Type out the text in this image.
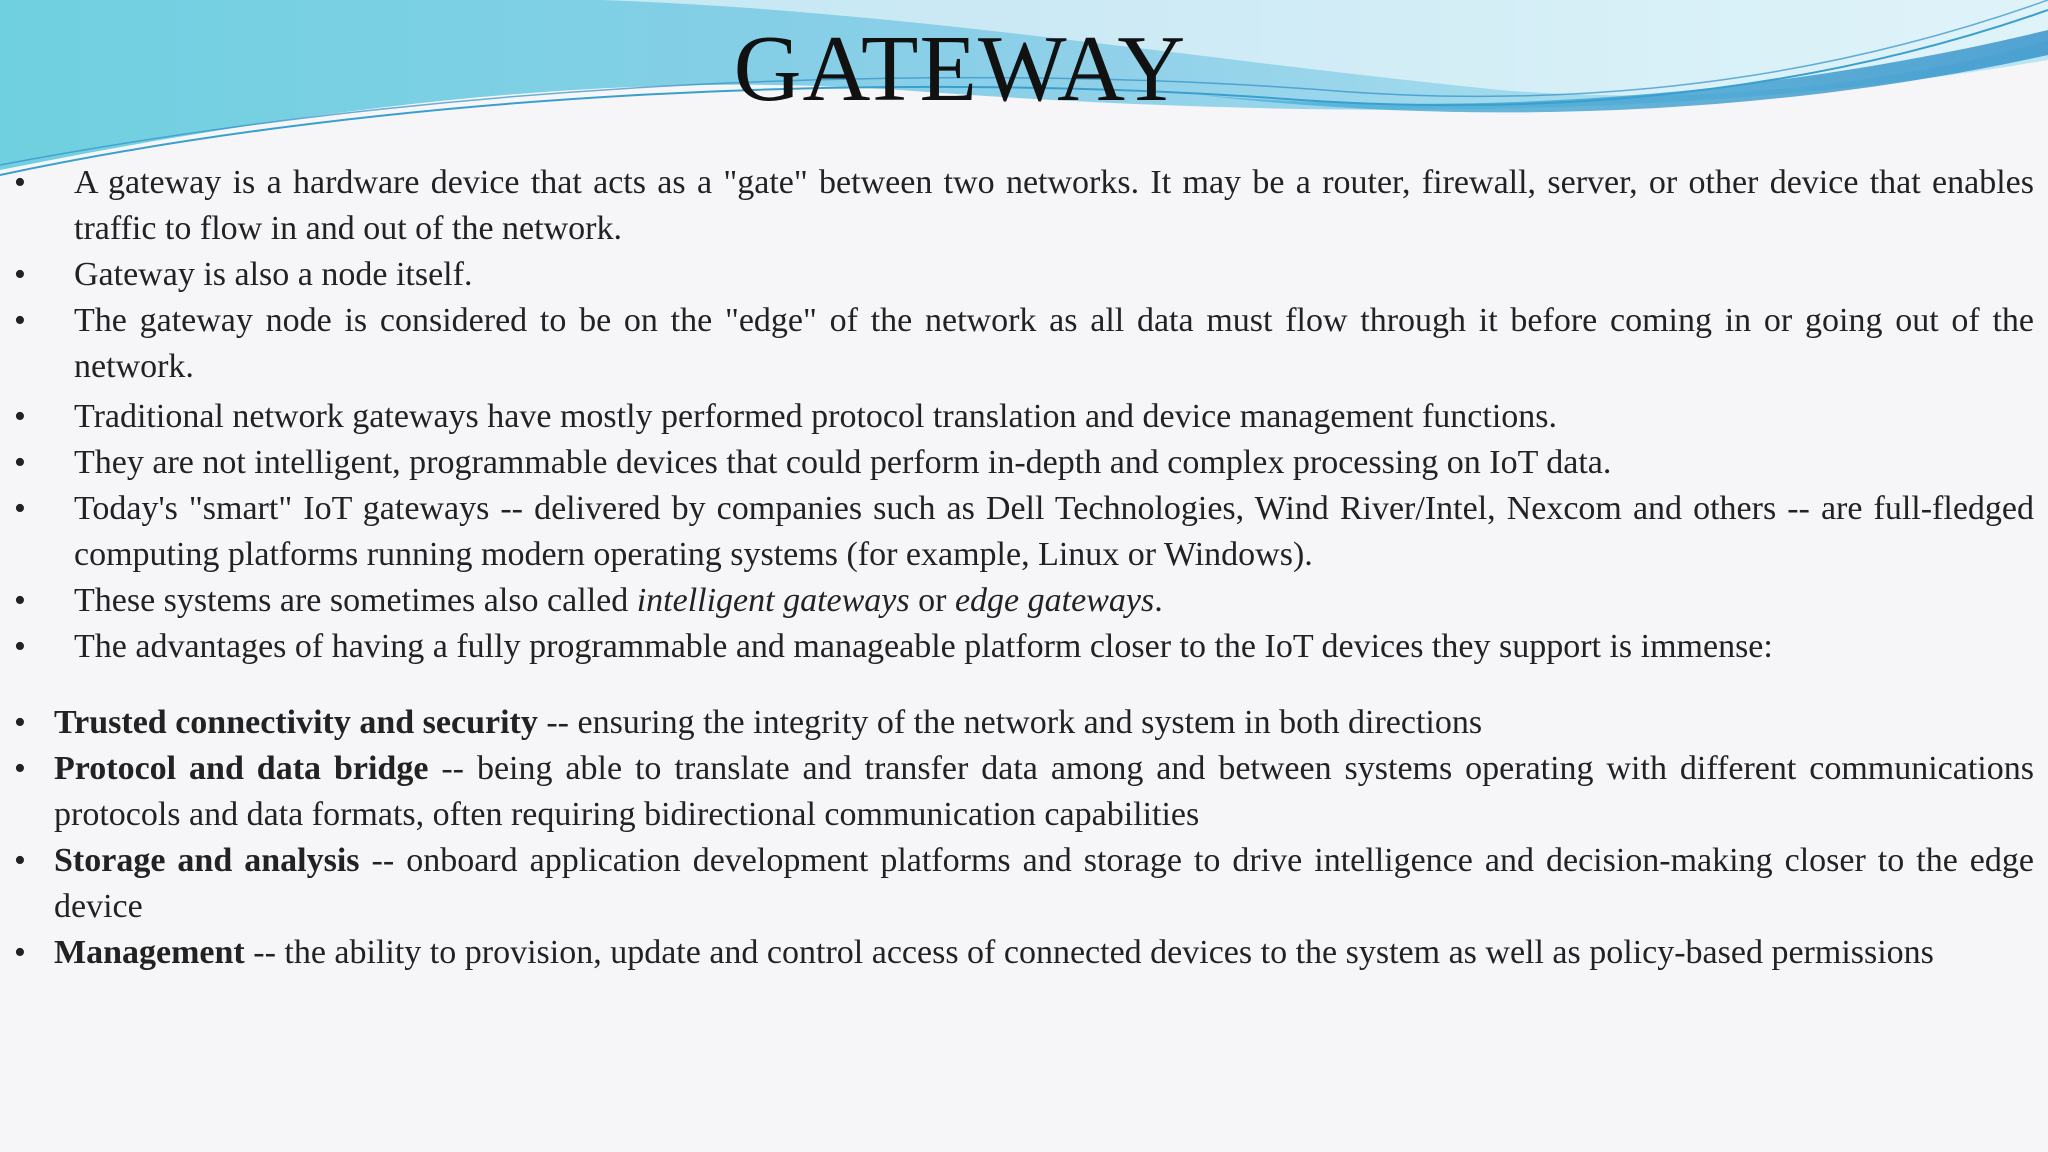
GATEWAY
• A gateway is a hardware device that acts as a "gate" between two networks. It may be a router, firewall, server, or other device that enables traffic to flow in and out of the network.
• Gateway is also a node itself.
• The gateway node is considered to be on the "edge" of the network as all data must flow through it before coming in or going out of the network.
• Traditional network gateways have mostly performed protocol translation and device management functions.
• They are not intelligent, programmable devices that could perform in-depth and complex processing on IoT data.
• Today's "smart" IoT gateways -- delivered by companies such as Dell Technologies, Wind River/Intel, Nexcom and others -- are full-fledged computing platforms running modern operating systems (for example, Linux or Windows).
• These systems are sometimes also called intelligent gateways or edge gateways.
• The advantages of having a fully programmable and manageable platform closer to the IoT devices they support is immense:
• Trusted connectivity and security -- ensuring the integrity of the network and system in both directions
• Protocol and data bridge -- being able to translate and transfer data among and between systems operating with different communications protocols and data formats, often requiring bidirectional communication capabilities
• Storage and analysis -- onboard application development platforms and storage to drive intelligence and decision-making closer to the edge device
• Management -- the ability to provision, update and control access of connected devices to the system as well as policy-based permissions
